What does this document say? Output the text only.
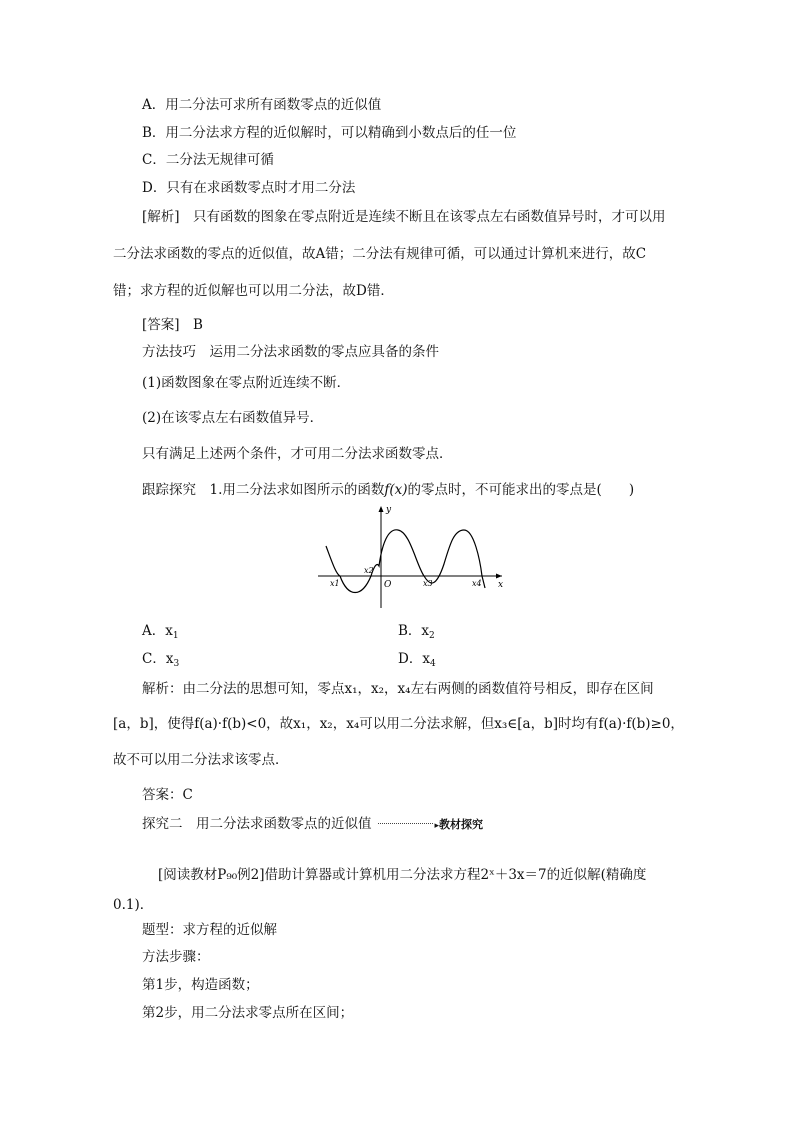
A．用二分法可求所有函数零点的近似值
B．用二分法求方程的近似解时，可以精确到小数点后的任一位
C．二分法无规律可循
D．只有在求函数零点时才用二分法
[解析]　只有函数的图象在零点附近是连续不断且在该零点左右函数值异号时，才可以用
二分法求函数的零点的近似值，故A错；二分法有规律可循，可以通过计算机来进行，故C
错；求方程的近似解也可以用二分法，故D错．
[答案]　B
方法技巧　运用二分法求函数的零点应具备的条件
(1)函数图象在零点附近连续不断．
(2)在该零点左右函数值异号．
只有满足上述两个条件，才可用二分法求函数零点．
跟踪探究　1.用二分法求如图所示的函数f(x)的零点时，不可能求出的零点是(　　)
y
x
O
x1
x2
x3	x4
A．$x_1$	B．$x_2$
C．$x_3$	D．$x_4$
解析：由二分法的思想可知，零点x₁，x₂，x₄左右两侧的函数值符号相反，即存在区间
[a，b]，使得f(a)·f(b)<0，故x₁，x₂，x₄可以用二分法求解，但x₃∈[a，b]时均有f(a)·f(b)≥0，
故不可以用二分法求该零点．
答案：C
探究二　用二分法求函数零点的近似值	▸教材探究
[阅读教材P₉₀例2]借助计算器或计算机用二分法求方程2ˣ＋3x＝7的近似解(精确度
0.1)．
题型：求方程的近似解
方法步骤：
第1步，构造函数；
第2步，用二分法求零点所在区间；
